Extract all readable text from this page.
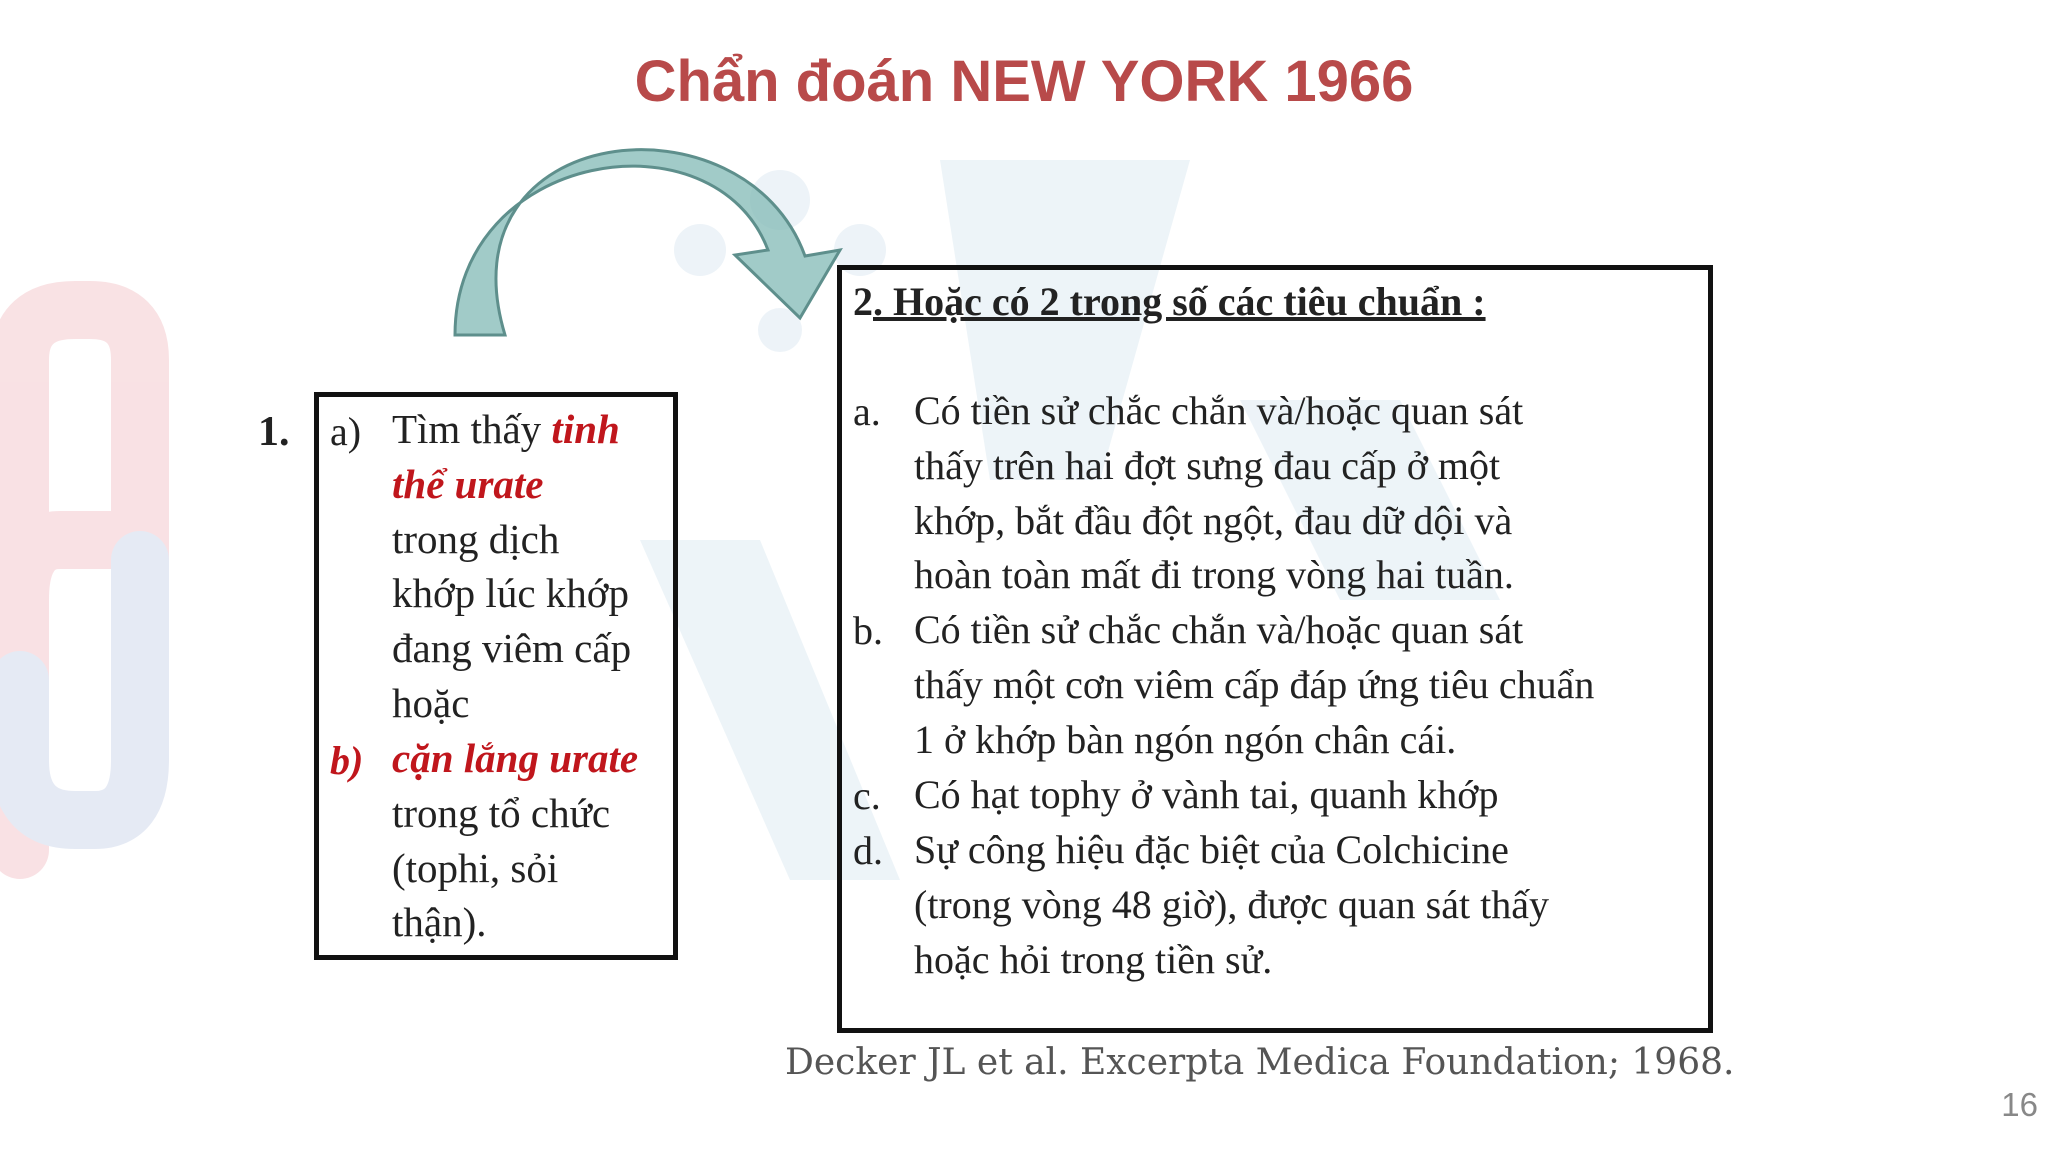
Chẩn đoán NEW YORK 1966
1. a) Tìm thấy tinh
thể urate
trong dịch
khớp lúc khớp
đang viêm cấp
hoặc
b) cặn lắng urate
trong tổ chức
(tophi, sỏi
thận).
2. Hoặc có 2 trong số các tiêu chuẩn :
a. Có tiền sử chắc chắn và/hoặc quan sát
thấy trên hai đợt sưng đau cấp ở một
khớp, bắt đầu đột ngột, đau dữ dội và
hoàn toàn mất đi trong vòng hai tuần.
b. Có tiền sử chắc chắn và/hoặc quan sát
thấy một cơn viêm cấp đáp ứng tiêu chuẩn
1 ở khớp bàn ngón ngón chân cái.
c. Có hạt tophy ở vành tai, quanh khớp
d. Sự công hiệu đặc biệt của Colchicine
(trong vòng 48 giờ), được quan sát thấy
hoặc hỏi trong tiền sử.
Decker JL et al. Excerpta Medica Foundation; 1968.
16
